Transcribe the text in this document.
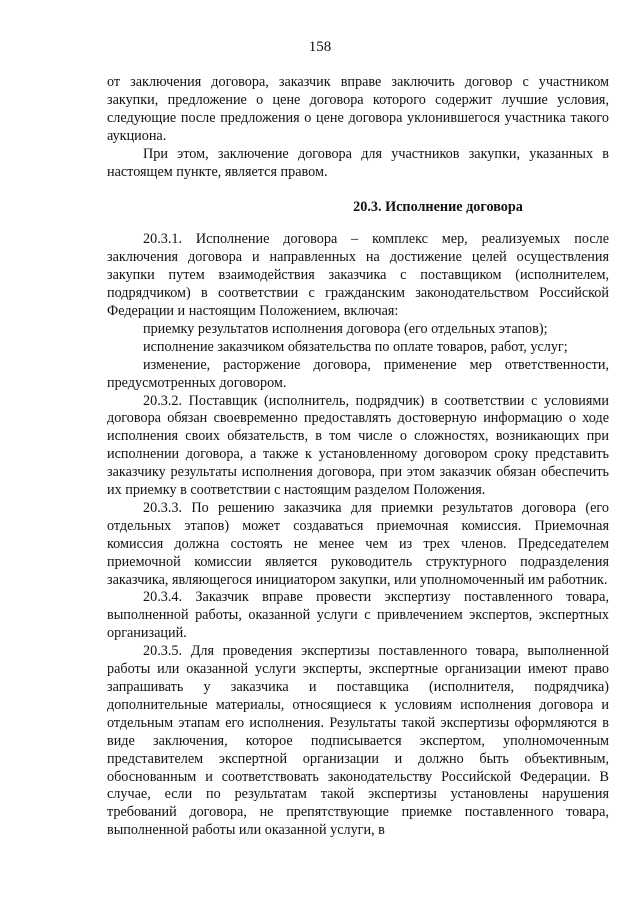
158

от заключения договора, заказчик вправе заключить договор с участником закупки, предложение о цене договора которого содержит лучшие условия, следующие после предложения о цене договора уклонившегося участника такого аукциона.

При этом, заключение договора для участников закупки, указанных в настоящем пункте, является правом.

20.3. Исполнение договора

20.3.1. Исполнение договора – комплекс мер, реализуемых после заключения договора и направленных на достижение целей осуществления закупки путем взаимодействия заказчика с поставщиком (исполнителем, подрядчиком) в соответствии с гражданским законодательством Российской Федерации и настоящим Положением, включая:

приемку результатов исполнения договора (его отдельных этапов);

исполнение заказчиком обязательства по оплате товаров, работ, услуг;

изменение, расторжение договора, применение мер ответственности, предусмотренных договором.

20.3.2. Поставщик (исполнитель, подрядчик) в соответствии с условиями договора обязан своевременно предоставлять достоверную информацию о ходе исполнения своих обязательств, в том числе о сложностях, возникающих при исполнении договора, а также к установленному договором сроку представить заказчику результаты исполнения договора, при этом заказчик обязан обеспечить их приемку в соответствии с настоящим разделом Положения.

20.3.3. По решению заказчика для приемки результатов договора (его отдельных этапов) может создаваться приемочная комиссия. Приемочная комиссия должна состоять не менее чем из трех членов. Председателем приемочной комиссии является руководитель структурного подразделения заказчика, являющегося инициатором закупки, или уполномоченный им работник.

20.3.4. Заказчик вправе провести экспертизу поставленного товара, выполненной работы, оказанной услуги с привлечением экспертов, экспертных организаций.

20.3.5. Для проведения экспертизы поставленного товара, выполненной работы или оказанной услуги эксперты, экспертные организации имеют право запрашивать у заказчика и поставщика (исполнителя, подрядчика) дополнительные материалы, относящиеся к условиям исполнения договора и отдельным этапам его исполнения. Результаты такой экспертизы оформляются в виде заключения, которое подписывается экспертом, уполномоченным представителем экспертной организации и должно быть объективным, обоснованным и соответствовать законодательству Российской Федерации. В случае, если по результатам такой экспертизы установлены нарушения требований договора, не препятствующие приемке поставленного товара, выполненной работы или оказанной услуги, в
